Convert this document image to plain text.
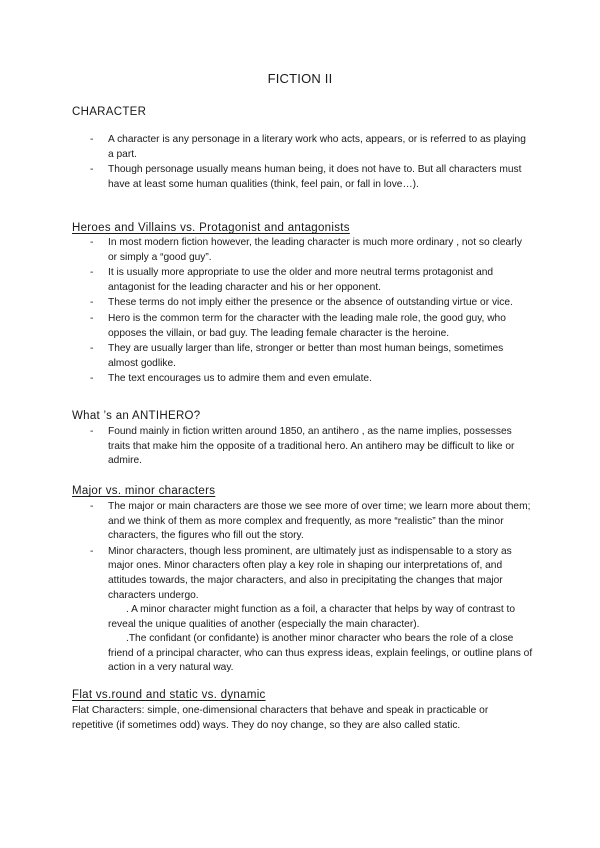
FICTION II
CHARACTER
- A character is any personage in a literary work who acts, appears, or is referred to as playing a part.
- Though personage usually means human being, it does not have to. But all characters must have at least some human qualities (think, feel pain, or fall in love…).
Heroes and Villains vs. Protagonist and antagonists
- In most modern fiction however, the leading character is much more ordinary , not so clearly or simply a “good guy”.
- It is usually more appropriate to use the older and more neutral terms protagonist and antagonist for the leading character and his or her opponent.
- These terms do not imply either the presence or the absence of outstanding virtue or vice.
- Hero is the common term for the character with the leading male role, the good guy, who opposes the villain, or bad guy. The leading female character is the heroine.
- They are usually larger than life, stronger or better than most human beings, sometimes almost godlike.
- The text encourages us to admire them and even emulate.
What ’s an ANTIHERO?
- Found mainly in fiction written around 1850, an antihero , as the name implies, possesses traits that make him the opposite of a traditional hero. An antihero may be difficult to like or admire.
Major vs. minor characters
- The major or main characters are those we see more of over time; we learn more about them; and we think of them as more complex and frequently, as more “realistic” than the minor characters, the figures who fill out the story.
- Minor characters, though less prominent, are ultimately just as indispensable to a story as major ones. Minor characters often play a key role in shaping our interpretations of, and attitudes towards, the major characters, and also in precipitating the changes that major characters undergo.
. A minor character might function as a foil, a character that helps by way of contrast to reveal the unique qualities of another (especially the main character).
.The confidant (or confidante) is another minor character who bears the role of a close friend of a principal character, who can thus express ideas, explain feelings, or outline plans of action in a very natural way.
Flat vs.round and static vs. dynamic
Flat Characters: simple, one-dimensional characters that behave and speak in practicable or repetitive (if sometimes odd) ways. They do noy change, so they are also called static.
